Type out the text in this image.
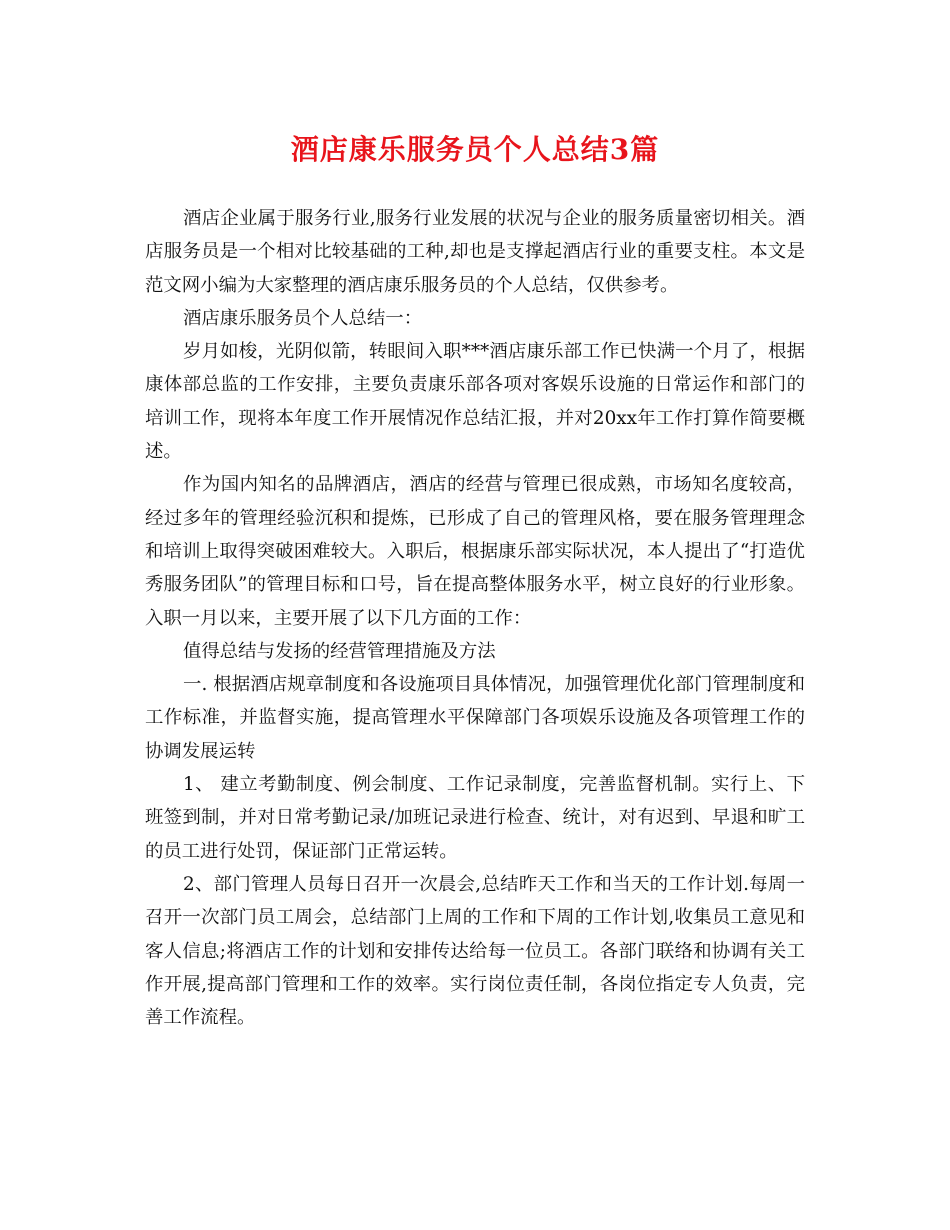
酒店康乐服务员个人总结3篇

酒店企业属于服务行业,服务行业发展的状况与企业的服务质量密切相关。酒店服务员是一个相对比较基础的工种,却也是支撑起酒店行业的重要支柱。本文是范文网小编为大家整理的酒店康乐服务员的个人总结，仅供参考。

酒店康乐服务员个人总结一：

岁月如梭，光阴似箭，转眼间入职***酒店康乐部工作已快满一个月了，根据康体部总监的工作安排，主要负责康乐部各项对客娱乐设施的日常运作和部门的培训工作，现将本年度工作开展情况作总结汇报，并对20xx年工作打算作简要概述。

作为国内知名的品牌酒店，酒店的经营与管理已很成熟，市场知名度较高，经过多年的管理经验沉积和提炼，已形成了自己的管理风格，要在服务管理理念和培训上取得突破困难较大。入职后，根据康乐部实际状况，本人提出了“打造优秀服务团队”的管理目标和口号，旨在提高整体服务水平，树立良好的行业形象。入职一月以来，主要开展了以下几方面的工作：

值得总结与发扬的经营管理措施及方法

一. 根据酒店规章制度和各设施项目具体情况，加强管理优化部门管理制度和工作标准，并监督实施，提高管理水平保障部门各项娱乐设施及各项管理工作的协调发展运转

1、 建立考勤制度、例会制度、工作记录制度，完善监督机制。实行上、下班签到制，并对日常考勤记录/加班记录进行检查、统计，对有迟到、早退和旷工的员工进行处罚，保证部门正常运转。

2、部门管理人员每日召开一次晨会,总结昨天工作和当天的工作计划.每周一召开一次部门员工周会，总结部门上周的工作和下周的工作计划,收集员工意见和客人信息;将酒店工作的计划和安排传达给每一位员工。各部门联络和协调有关工作开展,提高部门管理和工作的效率。实行岗位责任制，各岗位指定专人负责，完善工作流程。
